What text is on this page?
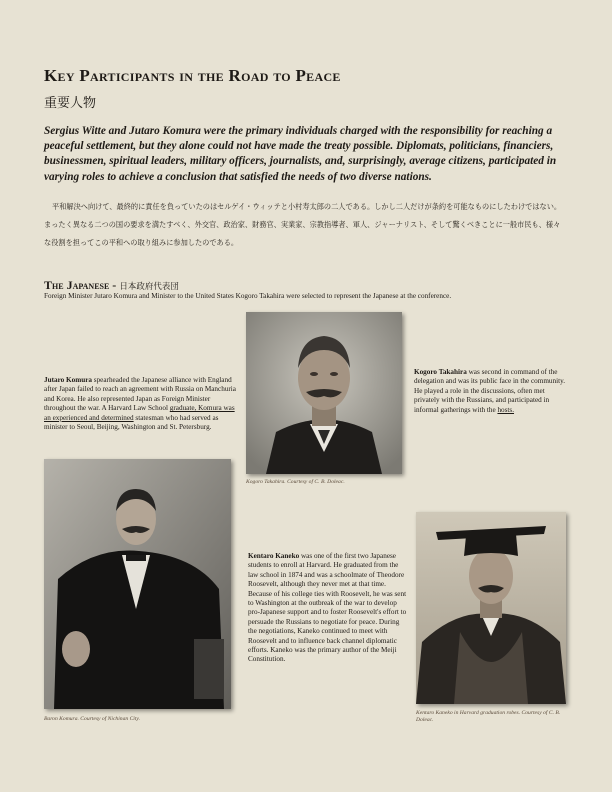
Key Participants in the Road to Peace
重要人物

Sergius Witte and Jutaro Komura were the primary individuals charged with the responsibility for reaching a peaceful settlement, but they alone could not have made the treaty possible. Diplomats, politicians, financiers, businessmen, spiritual leaders, military officers, journalists, and, surprisingly, average citizens, participated in varying roles to achieve a conclusion that satisfied the needs of two diverse nations.

平和解決へ向けて、最終的に責任を負っていたのはセルゲイ・ウィッテと小村寿太郎の二人である。しかし二人だけが条約を可能なものにしたわけではない。まったく異なる二つの国の要求を満たすべく、外交官、政治家、財務官、実業家、宗教指導者、軍人、ジャーナリスト、そして驚くべきことに一般市民も、様々な役割を担ってこの平和への取り組みに参加したのである。

The Japanese - 日本政府代表団
Foreign Minister Jutaro Komura and Minister to the United States Kogoro Takahira were selected to represent the Japanese at the conference.

Jutaro Komura spearheaded the Japanese alliance with England after Japan failed to reach an agreement with Russia on Manchuria and Korea. He also represented Japan as Foreign Minister throughout the war. A Harvard Law School graduate, Komura was an experienced and determined statesman who had served as minister to Seoul, Beijing, Washington and St. Petersburg.

Kogoro Takahira. Courtesy of C. B. Doleac.

Kogoro Takahira was second in command of the delegation and was its public face in the community. He played a role in the discussions, often met privately with the Russians, and participated in informal gatherings with the hosts.

Baron Komura. Courtesy of Nichinan City.

Kentaro Kaneko was one of the first two Japanese students to enroll at Harvard. He graduated from the law school in 1874 and was a schoolmate of Theodore Roosevelt, although they never met at that time. Because of his college ties with Roosevelt, he was sent to Washington at the outbreak of the war to develop pro-Japanese support and to foster Roosevelt's effort to persuade the Russians to negotiate for peace. During the negotiations, Kaneko continued to meet with Roosevelt and to influence back channel diplomatic efforts. Kaneko was the primary author of the Meiji Constitution.

Kentaro Kaneko in Harvard graduation robes. Courtesy of C. B. Doleac.
